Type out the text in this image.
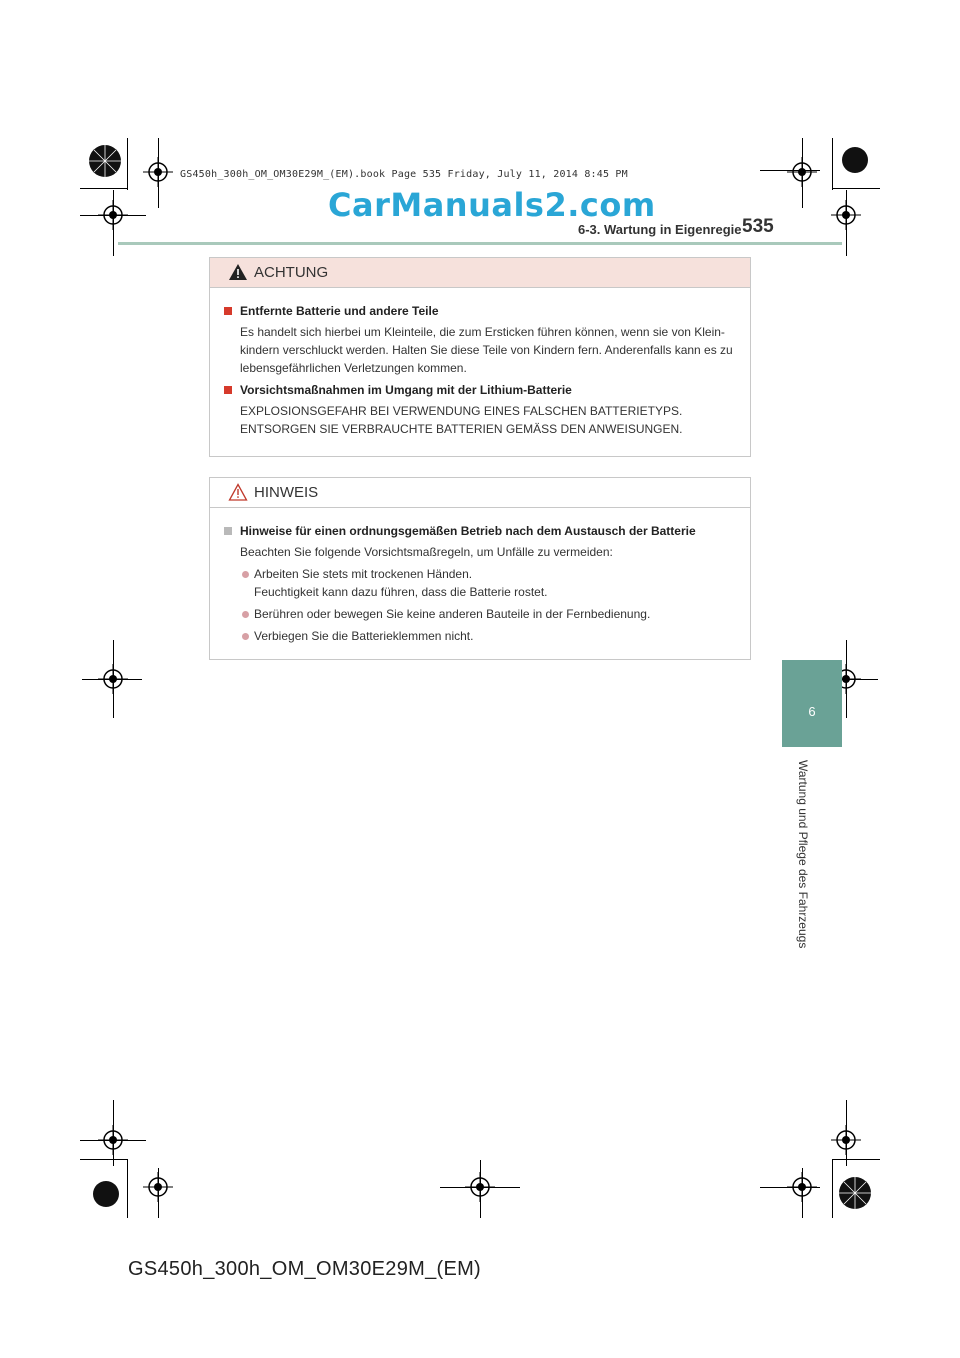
GS450h_300h_OM_OM30E29M_(EM).book Page 535 Friday, July 11, 2014 8:45 PM
CarManuals2.com
6-3. Wartung in Eigenregie 535
ACHTUNG
Entfernte Batterie und andere Teile
Es handelt sich hierbei um Kleinteile, die zum Ersticken führen können, wenn sie von Klein-kindern verschluckt werden. Halten Sie diese Teile von Kindern fern. Anderenfalls kann es zu lebensgefährlichen Verletzungen kommen.
Vorsichtsmaßnahmen im Umgang mit der Lithium-Batterie
EXPLOSIONSGEFAHR BEI VERWENDUNG EINES FALSCHEN BATTERIETYPS. ENTSORGEN SIE VERBRAUCHTE BATTERIEN GEMÄSS DEN ANWEISUNGEN.
HINWEIS
Hinweise für einen ordnungsgemäßen Betrieb nach dem Austausch der Batterie
Beachten Sie folgende Vorsichtsmaßregeln, um Unfälle zu vermeiden:
Arbeiten Sie stets mit trockenen Händen.
Feuchtigkeit kann dazu führen, dass die Batterie rostet.
Berühren oder bewegen Sie keine anderen Bauteile in der Fernbedienung.
Verbiegen Sie die Batterieklemmen nicht.
6
Wartung und Pflege des Fahrzeugs
GS450h_300h_OM_OM30E29M_(EM)
